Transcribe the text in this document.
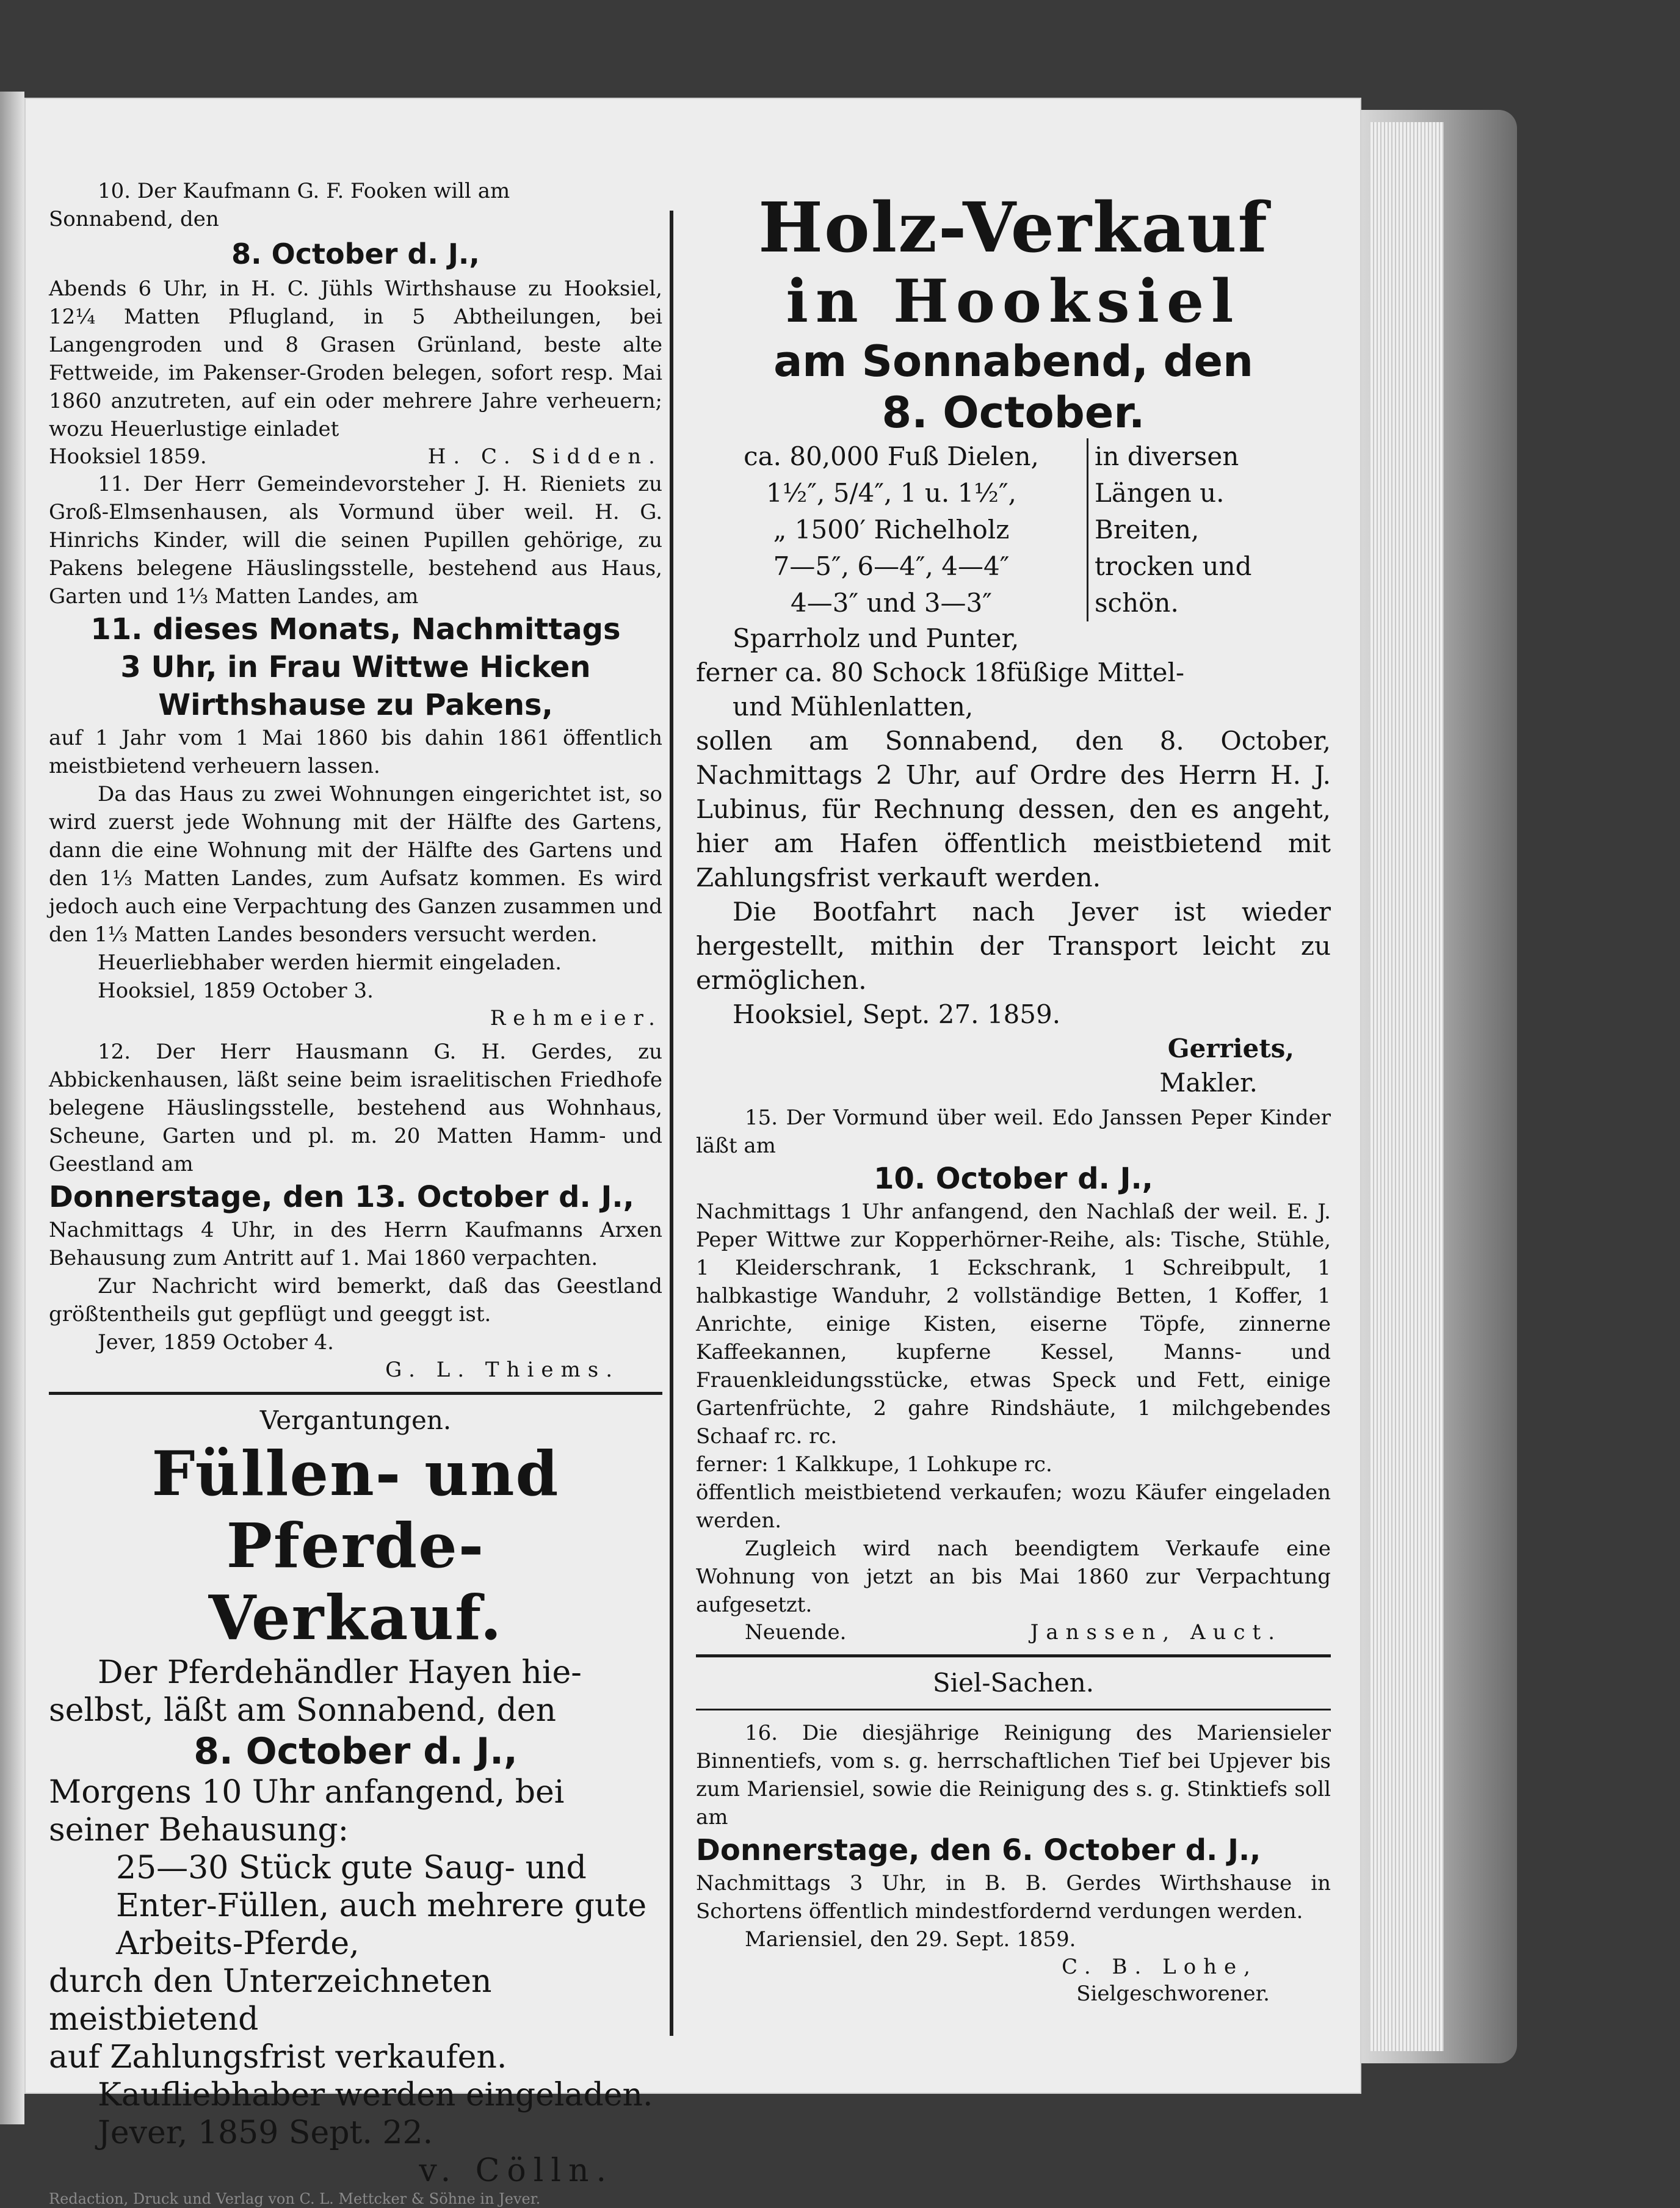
10. Der Kaufmann G. F. Fooken will am

Sonnabend, den

8. October d. J.,

Abends 6 Uhr, in H. C. Jühls Wirthshause zu Hooksiel, 12¼ Matten Pflugland, in 5 Abtheilungen, bei Langengroden und 8 Grasen Grünland, beste alte Fettweide, im Pakenser-Groden belegen, sofort resp. Mai 1860 anzutreten, auf ein oder mehrere Jahre verheuern; wozu Heuerlustige einladet

Hooksiel 1859.	H. C. Sidden.

11. Der Herr Gemeindevorsteher J. H. Rieniets zu Groß-Elmsenhausen, als Vormund über weil. H. G. Hinrichs Kinder, will die seinen Pupillen gehörige, zu Pakens belegene Häuslingsstelle, bestehend aus Haus, Garten und 1⅓ Matten Landes, am

11. dieses Monats, Nachmittags

3 Uhr, in Frau Wittwe Hicken

Wirthshause zu Pakens,

auf 1 Jahr vom 1 Mai 1860 bis dahin 1861 öffentlich meistbietend verheuern lassen.

Da das Haus zu zwei Wohnungen eingerichtet ist, so wird zuerst jede Wohnung mit der Hälfte des Gartens, dann die eine Wohnung mit der Hälfte des Gartens und den 1⅓ Matten Landes, zum Aufsatz kommen. Es wird jedoch auch eine Verpachtung des Ganzen zusammen und den 1⅓ Matten Landes besonders versucht werden.

Heuerliebhaber werden hiermit eingeladen.

Hooksiel, 1859 October 3.

Rehmeier.

12. Der Herr Hausmann G. H. Gerdes, zu Abbickenhausen, läßt seine beim israelitischen Friedhofe belegene Häuslingsstelle, bestehend aus Wohnhaus, Scheune, Garten und pl. m. 20 Matten Hamm- und Geestland am

Donnerstage, den 13. October d. J.,

Nachmittags 4 Uhr, in des Herrn Kaufmanns Arxen Behausung zum Antritt auf 1. Mai 1860 verpachten.

Zur Nachricht wird bemerkt, daß das Geestland größtentheils gut gepflügt und geeggt ist.

Jever, 1859 October 4.

G. L. Thiems.

Vergantungen.

Füllen- und Pferde-

Verkauf.

Der Pferdehändler Hayen hie-

selbst, läßt am Sonnabend, den

8. October d. J.,

Morgens 10 Uhr anfangend, bei

seiner Behausung:

25—30 Stück gute Saug- und

Enter-Füllen, auch mehrere gute

Arbeits-Pferde,

durch den Unterzeichneten meistbietend

auf Zahlungsfrist verkaufen.

Kaufliebhaber werden eingeladen.

Jever, 1859 Sept. 22.

v. Cölln.

Redaction, Druck und Verlag von C. L. Mettcker & Söhne in Jever.

Holz-Verkauf

in Hooksiel

am Sonnabend, den

8. October.

ca. 80,000 Fuß Dielen,

1½″, 5/4″, 1 u. 1½″,

„ 1500′ Richelholz

7—5″, 6—4″, 4—4″

4—3″ und 3—3″

in diversen

Längen u.

Breiten,

trocken und

schön.

Sparrholz und Punter,

ferner ca. 80 Schock 18füßige Mittel-

und Mühlenlatten,

sollen am Sonnabend, den 8. October, Nachmittags 2 Uhr, auf Ordre des Herrn H. J. Lubinus, für Rechnung dessen, den es angeht, hier am Hafen öffentlich meistbietend mit Zahlungsfrist verkauft werden.

Die Bootfahrt nach Jever ist wieder hergestellt, mithin der Transport leicht zu ermöglichen.

Hooksiel, Sept. 27. 1859.

Gerriets,

Makler.

15. Der Vormund über weil. Edo Janssen Peper Kinder läßt am

10. October d. J.,

Nachmittags 1 Uhr anfangend, den Nachlaß der weil. E. J. Peper Wittwe zur Kopperhörner-Reihe, als: Tische, Stühle, 1 Kleiderschrank, 1 Eckschrank, 1 Schreibpult, 1 halbkastige Wanduhr, 2 vollständige Betten, 1 Koffer, 1 Anrichte, einige Kisten, eiserne Töpfe, zinnerne Kaffeekannen, kupferne Kessel, Manns- und Frauenkleidungsstücke, etwas Speck und Fett, einige Gartenfrüchte, 2 gahre Rindshäute, 1 milchgebendes Schaaf rc. rc.

ferner: 1 Kalkkupe, 1 Lohkupe rc.

öffentlich meistbietend verkaufen; wozu Käufer eingeladen werden.

Zugleich wird nach beendigtem Verkaufe eine Wohnung von jetzt an bis Mai 1860 zur Verpachtung aufgesetzt.

Neuende.	Janssen, Auct.

Siel-Sachen.

16. Die diesjährige Reinigung des Mariensieler Binnentiefs, vom s. g. herrschaftlichen Tief bei Upjever bis zum Mariensiel, sowie die Reinigung des s. g. Stinktiefs soll am

Donnerstage, den 6. October d. J.,

Nachmittags 3 Uhr, in B. B. Gerdes Wirthshause in Schortens öffentlich mindestfordernd verdungen werden.

Mariensiel, den 29. Sept. 1859.

C. B. Lohe,

Sielgeschworener.
